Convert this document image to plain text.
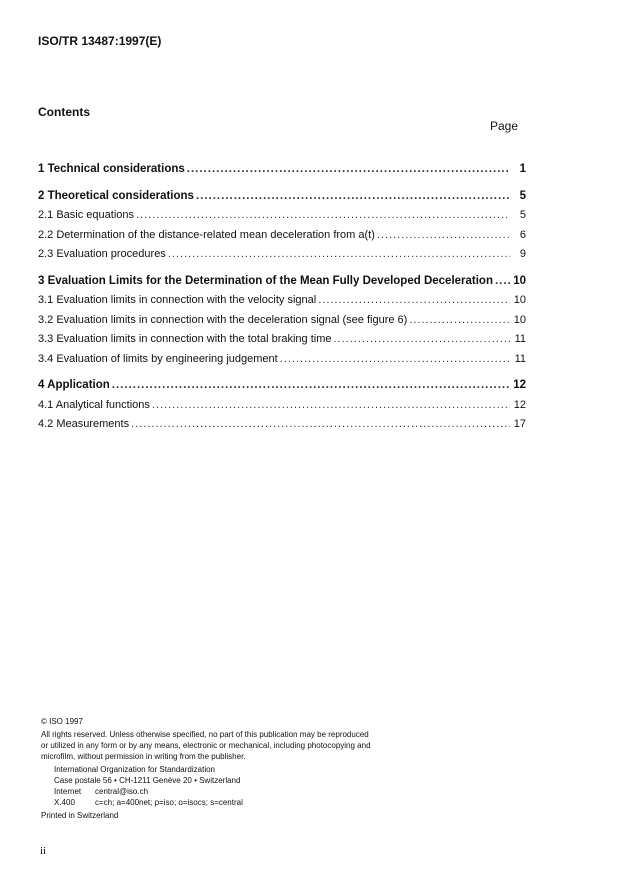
ISO/TR 13487:1997(E)
Contents
Page
1 Technical considerations .....	1
2 Theoretical considerations .....	5
2.1 Basic equations .....	5
2.2 Determination of the distance-related mean deceleration from a(t) .....	6
2.3 Evaluation procedures .....	9
3 Evaluation Limits for the Determination of the Mean Fully Developed Deceleration ..... 10
3.1 Evaluation limits in connection with the velocity signal .....	10
3.2 Evaluation limits in connection with the deceleration signal (see figure 6) .....	10
3.3 Evaluation limits in connection with the total braking time .....	11
3.4 Evaluation of limits by engineering judgement .....	11
4 Application .....	12
4.1 Analytical functions .....	12
4.2 Measurements .....	17
© ISO 1997
All rights reserved. Unless otherwise specified, no part of this publication may be reproduced
or utilized in any form or by any means, electronic or mechanical, including photocopying and
microfilm, without permission in writing from the publisher.
International Organization for Standardization
Case postale 56 • CH-1211 Genève 20 • Switzerland
Internet	central@iso.ch
X.400	c=ch; a=400net; p=iso; o=isocs; s=central
Printed in Switzerland
ii
